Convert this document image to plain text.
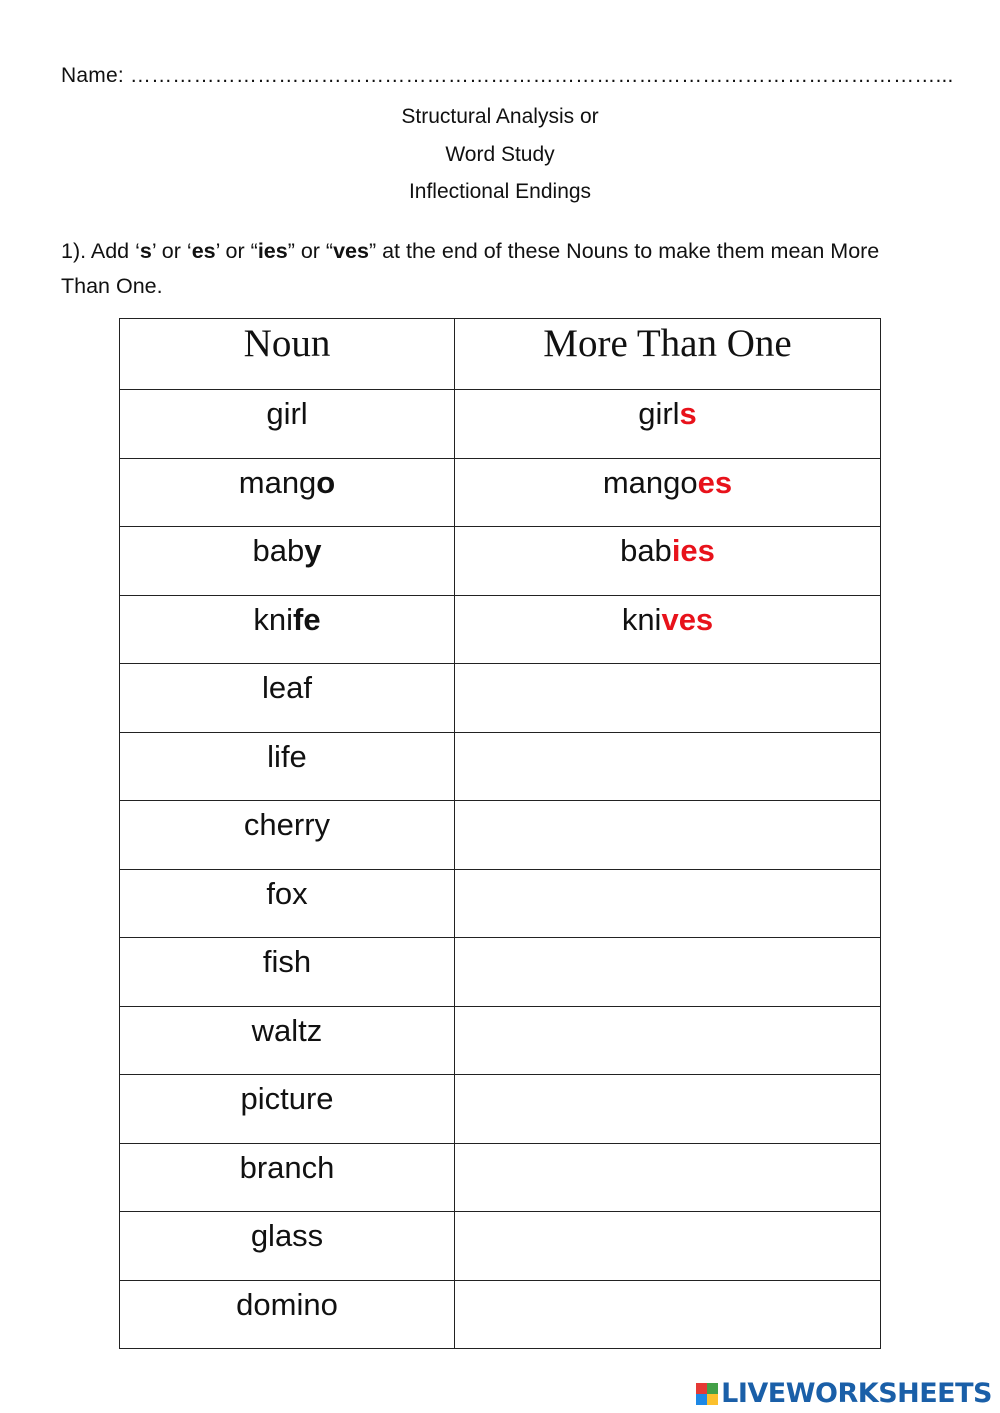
Name: ……………………………………………………………………………………………………...
Structural Analysis or
Word Study
Inflectional Endings
1). Add ‘s’ or ‘es’ or “ies” or “ves” at the end of these Nouns to make them mean More Than One.
Noun	More Than One
girl	girls
mango	mangoes
baby	babies
knife	knives
leaf	
life	
cherry	
fox	
fish	
waltz	
picture	
branch	
glass	
domino	
LIVEWORKSHEETS
